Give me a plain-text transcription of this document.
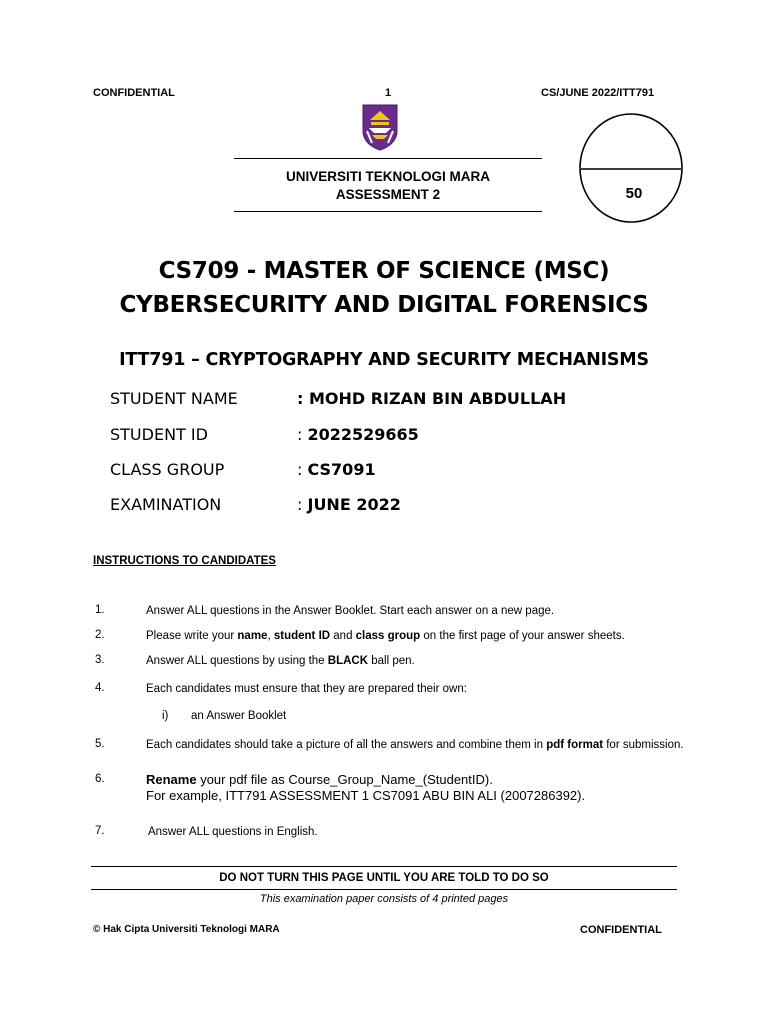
CONFIDENTIAL	1	CS/JUNE 2022/ITT791
UNIVERSITI TEKNOLOGI MARA
ASSESSMENT 2	50
CS709 - MASTER OF SCIENCE (MSC)
CYBERSECURITY AND DIGITAL FORENSICS
ITT791 – CRYPTOGRAPHY AND SECURITY MECHANISMS
STUDENT NAME	: MOHD RIZAN BIN ABDULLAH
STUDENT ID	: 2022529665
CLASS GROUP	: CS7091
EXAMINATION	: JUNE 2022
INSTRUCTIONS TO CANDIDATES
1.	Answer ALL questions in the Answer Booklet. Start each answer on a new page.
2.	Please write your name, student ID and class group on the first page of your answer sheets.
3.	Answer ALL questions by using the BLACK ball pen.
4.	Each candidates must ensure that they are prepared their own:
i) an Answer Booklet
5.	Each candidates should take a picture of all the answers and combine them in pdf format for submission.
6.	Rename your pdf file as Course_Group_Name_(StudentID).
For example, ITT791 ASSESSMENT 1 CS7091 ABU BIN ALI (2007286392).
7.	Answer ALL questions in English.
DO NOT TURN THIS PAGE UNTIL YOU ARE TOLD TO DO SO
This examination paper consists of 4 printed pages
© Hak Cipta Universiti Teknologi MARA	CONFIDENTIAL
